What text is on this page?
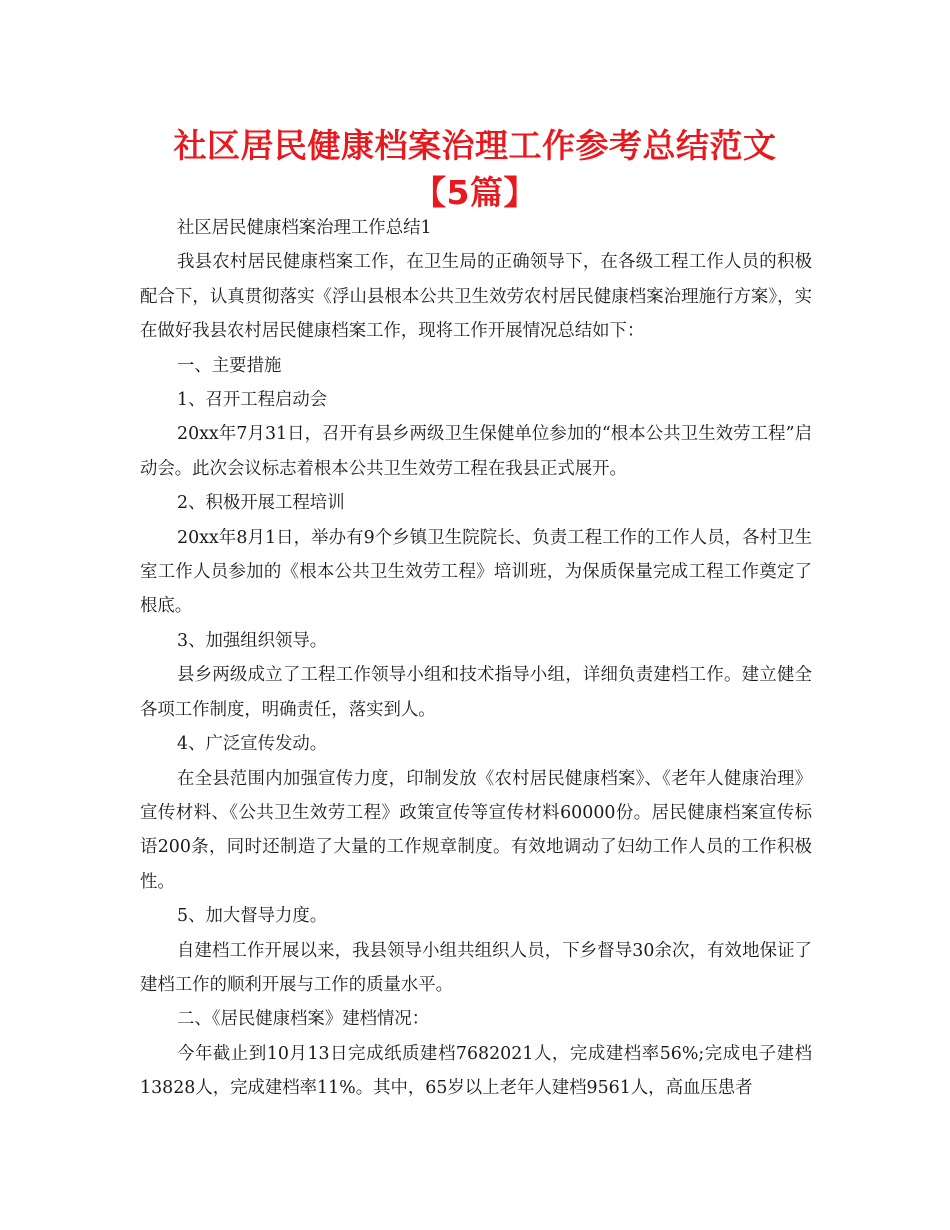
社区居民健康档案治理工作参考总结范文【5篇】

社区居民健康档案治理工作总结1

我县农村居民健康档案工作，在卫生局的正确领导下，在各级工程工作人员的积极配合下，认真贯彻落实《浮山县根本公共卫生效劳农村居民健康档案治理施行方案》，实在做好我县农村居民健康档案工作，现将工作开展情况总结如下：

一、主要措施

1、召开工程启动会

20xx年7月31日，召开有县乡两级卫生保健单位参加的“根本公共卫生效劳工程”启动会。此次会议标志着根本公共卫生效劳工程在我县正式展开。

2、积极开展工程培训

20xx年8月1日，举办有9个乡镇卫生院院长、负责工程工作的工作人员，各村卫生室工作人员参加的《根本公共卫生效劳工程》培训班，为保质保量完成工程工作奠定了根底。

3、加强组织领导。

县乡两级成立了工程工作领导小组和技术指导小组，详细负责建档工作。建立健全各项工作制度，明确责任，落实到人。

4、广泛宣传发动。

在全县范围内加强宣传力度，印制发放《农村居民健康档案》、《老年人健康治理》宣传材料、《公共卫生效劳工程》政策宣传等宣传材料60000份。居民健康档案宣传标语200条，同时还制造了大量的工作规章制度。有效地调动了妇幼工作人员的工作积极性。

5、加大督导力度。

自建档工作开展以来，我县领导小组共组织人员，下乡督导30余次，有效地保证了建档工作的顺利开展与工作的质量水平。

二、《居民健康档案》建档情况：

今年截止到10月13日完成纸质建档7682021人，完成建档率56%;完成电子建档13828人，完成建档率11%。其中，65岁以上老年人建档9561人，高血压患者
